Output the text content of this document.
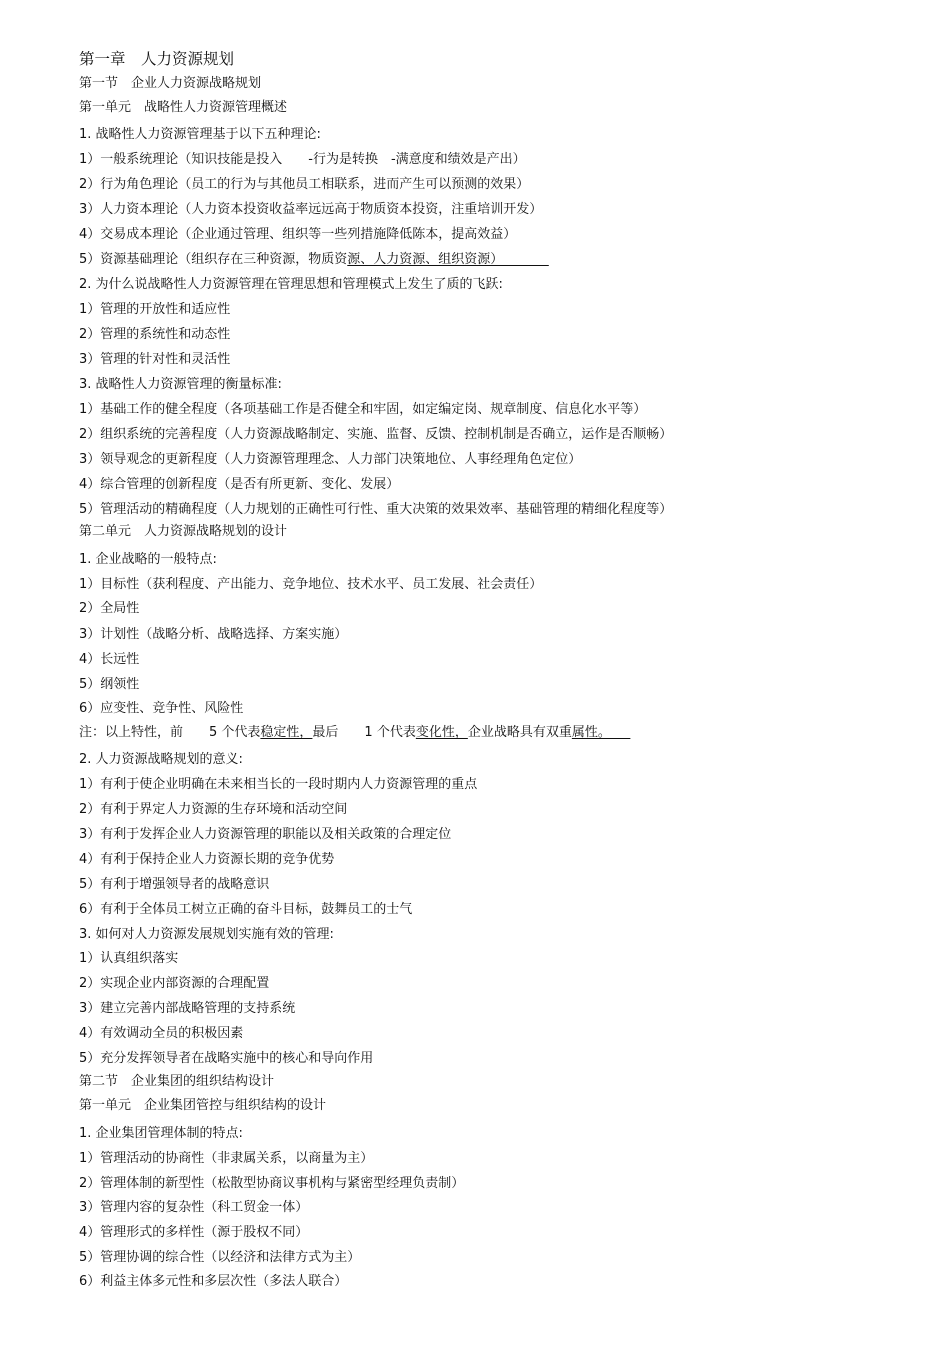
第一章　人力资源规划

第一节　企业人力资源战略规划

第一单元　战略性人力资源管理概述

1. 战略性人力资源管理基于以下五种理论:

1）一般系统理论（知识技能是投入　　-行为是转换　-满意度和绩效是产出）

2）行为角色理论（员工的行为与其他员工相联系，进而产生可以预测的效果）

3）人力资本理论（人力资本投资收益率远远高于物质资本投资，注重培训开发）

4）交易成本理论（企业通过管理、组织等一些列措施降低陈本，提高效益）

5）资源基础理论（组织存在三种资源，物质资源、人力资源、组织资源）　　　　

2. 为什么说战略性人力资源管理在管理思想和管理模式上发生了质的飞跃:

1）管理的开放性和适应性

2）管理的系统性和动态性

3）管理的针对性和灵活性

3. 战略性人力资源管理的衡量标准:

1）基础工作的健全程度（各项基础工作是否健全和牢固，如定编定岗、规章制度、信息化水平等）

2）组织系统的完善程度（人力资源战略制定、实施、监督、反馈、控制机制是否确立，运作是否顺畅）

3）领导观念的更新程度（人力资源管理理念、人力部门决策地位、人事经理角色定位）

4）综合管理的创新程度（是否有所更新、变化、发展）

5）管理活动的精确程度（人力规划的正确性可行性、重大决策的效果效率、基础管理的精细化程度等）

第二单元　人力资源战略规划的设计

1. 企业战略的一般特点:

1）目标性（获利程度、产出能力、竞争地位、技术水平、员工发展、社会责任）

2）全局性

3）计划性（战略分析、战略选择、方案实施）

4）长远性

5）纲领性

6）应变性、竞争性、风险性

注：以上特性，前　　5 个代表稳定性，最后　　1 个代表变化性，企业战略具有双重属性。　　

2. 人力资源战略规划的意义:

1）有利于使企业明确在未来相当长的一段时期内人力资源管理的重点

2）有利于界定人力资源的生存环境和活动空间

3）有利于发挥企业人力资源管理的职能以及相关政策的合理定位

4）有利于保持企业人力资源长期的竞争优势

5）有利于增强领导者的战略意识

6）有利于全体员工树立正确的奋斗目标，鼓舞员工的士气

3. 如何对人力资源发展规划实施有效的管理:

1）认真组织落实

2）实现企业内部资源的合理配置

3）建立完善内部战略管理的支持系统

4）有效调动全员的积极因素

5）充分发挥领导者在战略实施中的核心和导向作用

第二节　企业集团的组织结构设计

第一单元　企业集团管控与组织结构的设计

1. 企业集团管理体制的特点:

1）管理活动的协商性（非隶属关系，以商量为主）

2）管理体制的新型性（松散型协商议事机构与紧密型经理负责制）

3）管理内容的复杂性（科工贸金一体）

4）管理形式的多样性（源于股权不同）

5）管理协调的综合性（以经济和法律方式为主）

6）利益主体多元性和多层次性（多法人联合）
